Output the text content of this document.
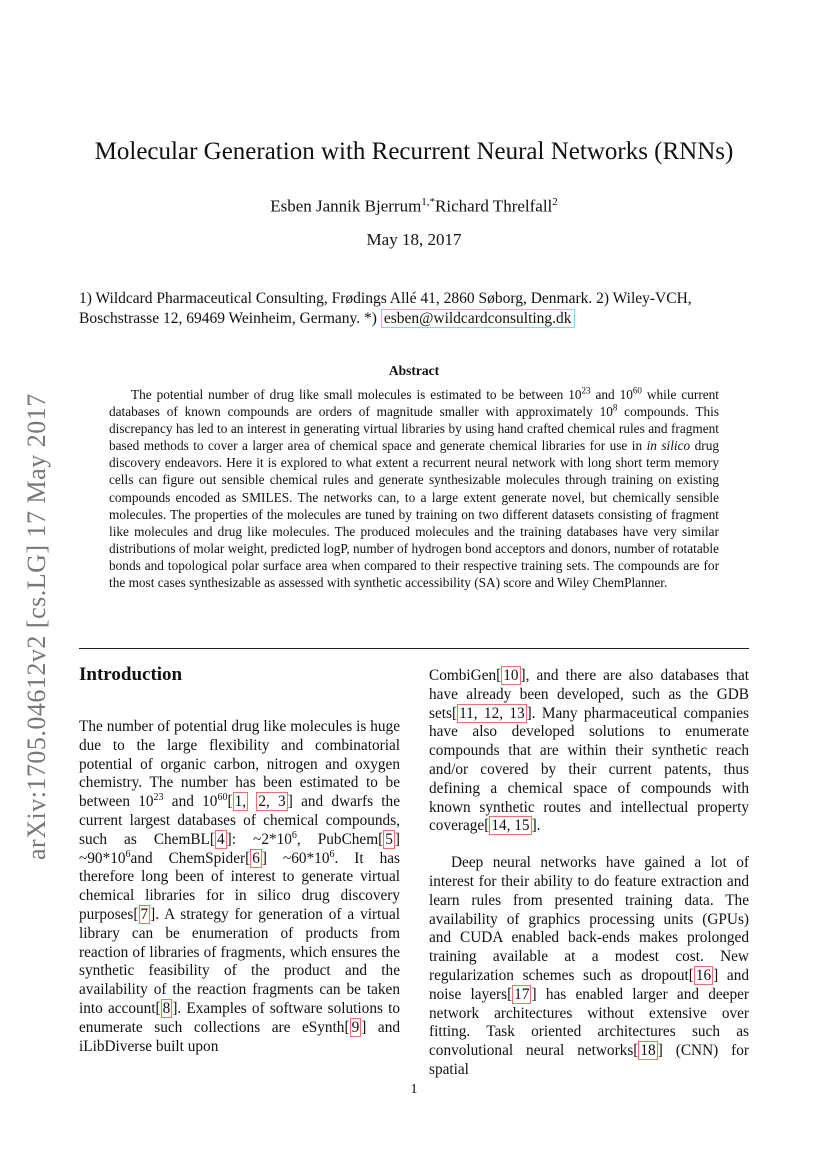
arXiv:1705.04612v2 [cs.LG] 17 May 2017
Molecular Generation with Recurrent Neural Networks (RNNs)
Esben Jannik Bjerrum$^{1,*}$Richard Threlfall$^2$
May 18, 2017
1) Wildcard Pharmaceutical Consulting, Frødings Allé 41, 2860 Søborg, Denmark. 2) Wiley-VCH, Boschstrasse 12, 69469 Weinheim, Germany. *) esben@wildcardconsulting.dk
Abstract
The potential number of drug like small molecules is estimated to be between $10^{23}$ and $10^{60}$ while current databases of known compounds are orders of magnitude smaller with approximately $10^8$ compounds. This discrepancy has led to an interest in generating virtual libraries by using hand crafted chemical rules and fragment based methods to cover a larger area of chemical space and generate chemical libraries for use in in silico drug discovery endeavors. Here it is explored to what extent a recurrent neural network with long short term memory cells can figure out sensible chemical rules and generate synthesizable molecules through training on existing compounds encoded as SMILES. The networks can, to a large extent generate novel, but chemically sensible molecules. The properties of the molecules are tuned by training on two different datasets consisting of fragment like molecules and drug like molecules. The produced molecules and the training databases have very similar distributions of molar weight, predicted logP, number of hydrogen bond acceptors and donors, number of rotatable bonds and topological polar surface area when compared to their respective training sets. The compounds are for the most cases synthesizable as assessed with synthetic accessibility (SA) score and Wiley ChemPlanner.
Introduction

The number of potential drug like molecules is huge due to the large flexibility and combinatorial potential of organic carbon, nitrogen and oxygen chemistry. The number has been estimated to be between $10^{23}$ and $10^{60}$[ 1, 2, 3 ] and dwarfs the current largest databases of chemical compounds, such as ChemBL[ 4 ]: $\sim 2*10^6$, PubChem[ 5 ] $\sim 90*10^6and$ ChemSpider[ 6 ] $\sim 60*10^6$. It has therefore long been of interest to generate virtual chemical libraries for in silico drug discovery purposes[ 7 ]. A strategy for generation of a virtual library can be enumeration of products from reaction of libraries of fragments, which ensures the synthetic feasibility of the product and the availability of the reaction fragments can be taken into account[ 8 ]. Examples of software solutions to enumerate such collections are eSynth[ 9 ] and iLibDiverse built upon

CombiGen[ 10 ], and there are also databases that have already been developed, such as the GDB sets[ 11, 12, 13 ]. Many pharmaceutical companies have also developed solutions to enumerate compounds that are within their synthetic reach and/or covered by their current patents, thus defining a chemical space of compounds with known synthetic routes and intellectual property coverage[ 14, 15 ].

Deep neural networks have gained a lot of interest for their ability to do feature extraction and learn rules from presented training data. The availability of graphics processing units (GPUs) and CUDA enabled back-ends makes prolonged training available at a modest cost. New regularization schemes such as dropout[ 16 ] and noise layers[ 17 ] has enabled larger and deeper network architectures without extensive over fitting. Task oriented architectures such as convolutional neural networks[ 18 ] (CNN) for spatial

1
